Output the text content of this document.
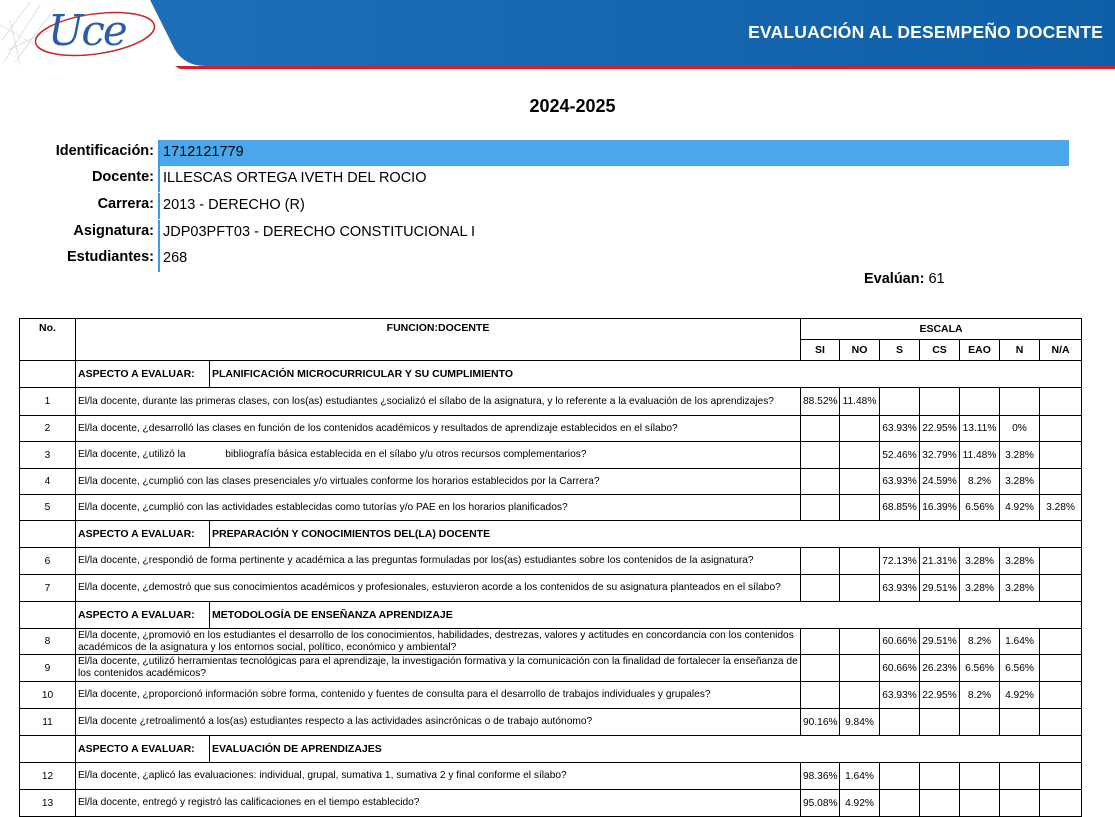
Uce	EVALUACIÓN AL DESEMPEÑO DOCENTE
2024-2025
Identificación: 1712121779
Docente: ILLESCAS ORTEGA IVETH DEL ROCIO
Carrera: 2013 - DERECHO (R)
Asignatura: JDP03PFT03 - DERECHO CONSTITUCIONAL I
Estudiantes: 268
Evalúan: 61
No.	FUNCION:DOCENTE		ESCALA						
			SI	NO	S	CS	EAO	N	N/A
	ASPECTO A EVALUAR:	PLANIFICACIÓN MICROCURRICULAR Y SU CUMPLIMIENTO							
1	El/la docente, durante las primeras clases, con los(as) estudiantes ¿socializó el sílabo de la asignatura, y lo referente a la evaluación de los aprendizajes?		88.52%	11.48%					
2	El/la docente, ¿desarrolló las clases en función de los contenidos académicos y resultados de aprendizaje establecidos en el sílabo?				63.93%	22.95%	13.11%	0%	
3	El/la docente, ¿utilizó la              bibliografía básica establecida en el sílabo y/u otros recursos complementarios?				52.46%	32.79%	11.48%	3.28%	
4	El/la docente, ¿cumplió con las clases presenciales y/o virtuales conforme los horarios establecidos por la Carrera?				63.93%	24.59%	8.2%	3.28%	
5	El/la docente, ¿cumplió con las actividades establecidas como tutorías y/o PAE en los horarios planificados?				68.85%	16.39%	6.56%	4.92%	3.28%
	ASPECTO A EVALUAR:	PREPARACIÓN Y CONOCIMIENTOS DEL(LA) DOCENTE							
6	El/la docente, ¿respondió de forma pertinente y académica a las preguntas formuladas por los(as) estudiantes sobre los contenidos de la asignatura?				72.13%	21.31%	3.28%	3.28%	
7	El/la docente, ¿demostró que sus conocimientos académicos y profesionales, estuvieron acorde a los contenidos de su asignatura planteados en el sílabo?				63.93%	29.51%	3.28%	3.28%	
	ASPECTO A EVALUAR:	METODOLOGÍA DE ENSEÑANZA APRENDIZAJE							
8	El/la docente, ¿promovió en los estudiantes el desarrollo de los conocimientos, habilidades, destrezas, valores y actitudes en concordancia con los contenidos académicos de la asignatura y los entornos social, político, económico y ambiental?				60.66%	29.51%	8.2%	1.64%	
9	El/la docente, ¿utilizó herramientas tecnológicas para el aprendizaje, la investigación formativa y la comunicación con la finalidad de fortalecer la enseñanza de los contenidos académicos?				60.66%	26.23%	6.56%	6.56%	
10	El/la docente, ¿proporcionó información sobre forma, contenido y fuentes de consulta para el desarrollo de trabajos individuales y grupales?				63.93%	22.95%	8.2%	4.92%	
11	El/la docente ¿retroalimentó a los(as) estudiantes respecto a las actividades asincrónicas o de trabajo autónomo?		90.16%	9.84%					
	ASPECTO A EVALUAR:	EVALUACIÓN DE APRENDIZAJES							
12	El/la docente, ¿aplicó las evaluaciones: individual, grupal, sumativa 1, sumativa 2 y final conforme el sílabo?		98.36%	1.64%					
13	El/la docente, entregó y registró las calificaciones en el tiempo establecido?		95.08%	4.92%					
